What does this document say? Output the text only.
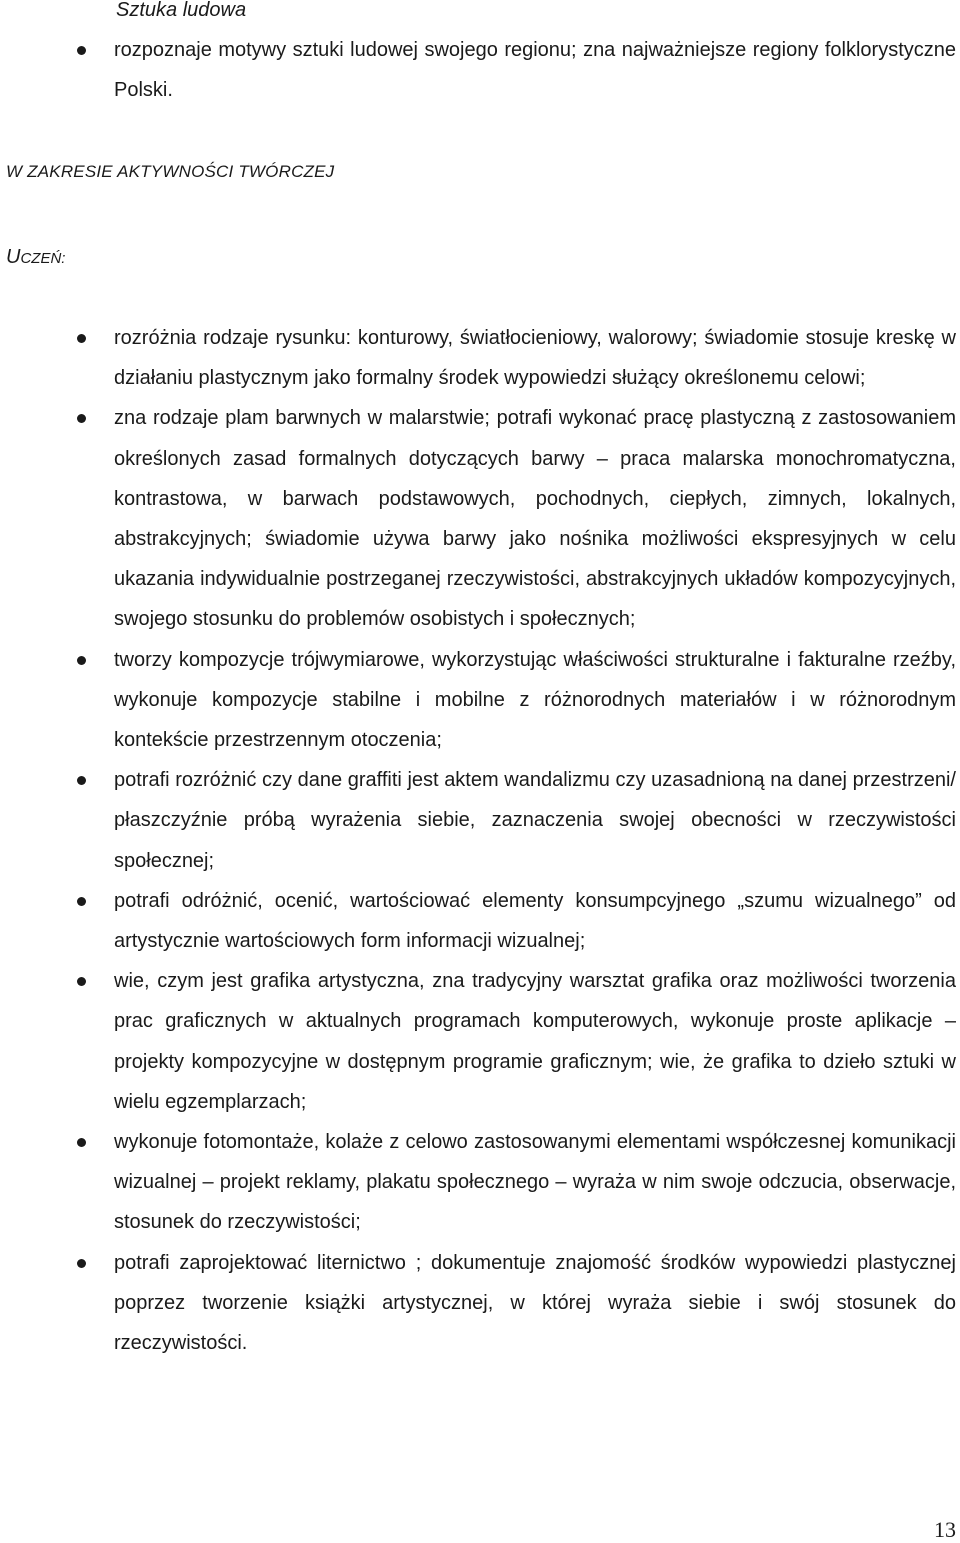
Sztuka ludowa

rozpoznaje motywy sztuki ludowej swojego regionu; zna najważniejsze regiony folklorystyczne Polski.

W ZAKRESIE AKTYWNOŚCI TWÓRCZEJ

UCZEŃ:

rozróżnia rodzaje rysunku: konturowy, światłocieniowy, walorowy; świadomie stosuje kreskę w działaniu plastycznym jako formalny środek wypowiedzi służący określonemu celowi;
zna rodzaje plam barwnych w malarstwie; potrafi wykonać pracę plastyczną z zastosowaniem określonych zasad formalnych dotyczących barwy – praca malarska monochromatyczna, kontrastowa, w barwach podstawowych, pochodnych, ciepłych, zimnych, lokalnych, abstrakcyjnych; świadomie używa barwy jako nośnika możliwości ekspresyjnych w celu ukazania indywidualnie postrzeganej rzeczywistości, abstrakcyjnych układów kompozycyjnych, swojego stosunku do problemów osobistych i społecznych;
tworzy kompozycje trójwymiarowe, wykorzystując właściwości strukturalne i fakturalne rzeźby, wykonuje kompozycje stabilne i mobilne z różnorodnych materiałów i w różnorodnym kontekście przestrzennym otoczenia;
potrafi rozróżnić czy dane graffiti jest aktem wandalizmu czy uzasadnioną na danej przestrzeni/ płaszczyźnie próbą wyrażenia siebie, zaznaczenia swojej obecności w rzeczywistości społecznej;
potrafi odróżnić, ocenić, wartościować elementy konsumpcyjnego „szumu wizualnego” od artystycznie wartościowych form informacji wizualnej;
wie, czym jest grafika artystyczna, zna tradycyjny warsztat grafika oraz możliwości tworzenia prac graficznych w aktualnych programach komputerowych, wykonuje proste aplikacje – projekty kompozycyjne w dostępnym programie graficznym; wie, że grafika to dzieło sztuki w wielu egzemplarzach;
wykonuje fotomontaże, kolaże z celowo zastosowanymi elementami współczesnej komunikacji wizualnej – projekt reklamy, plakatu społecznego – wyraża w nim swoje odczucia, obserwacje, stosunek do rzeczywistości;
potrafi zaprojektować liternictwo ; dokumentuje znajomość środków wypowiedzi plastycznej poprzez tworzenie książki artystycznej, w której wyraża siebie i swój stosunek do rzeczywistości.

13
